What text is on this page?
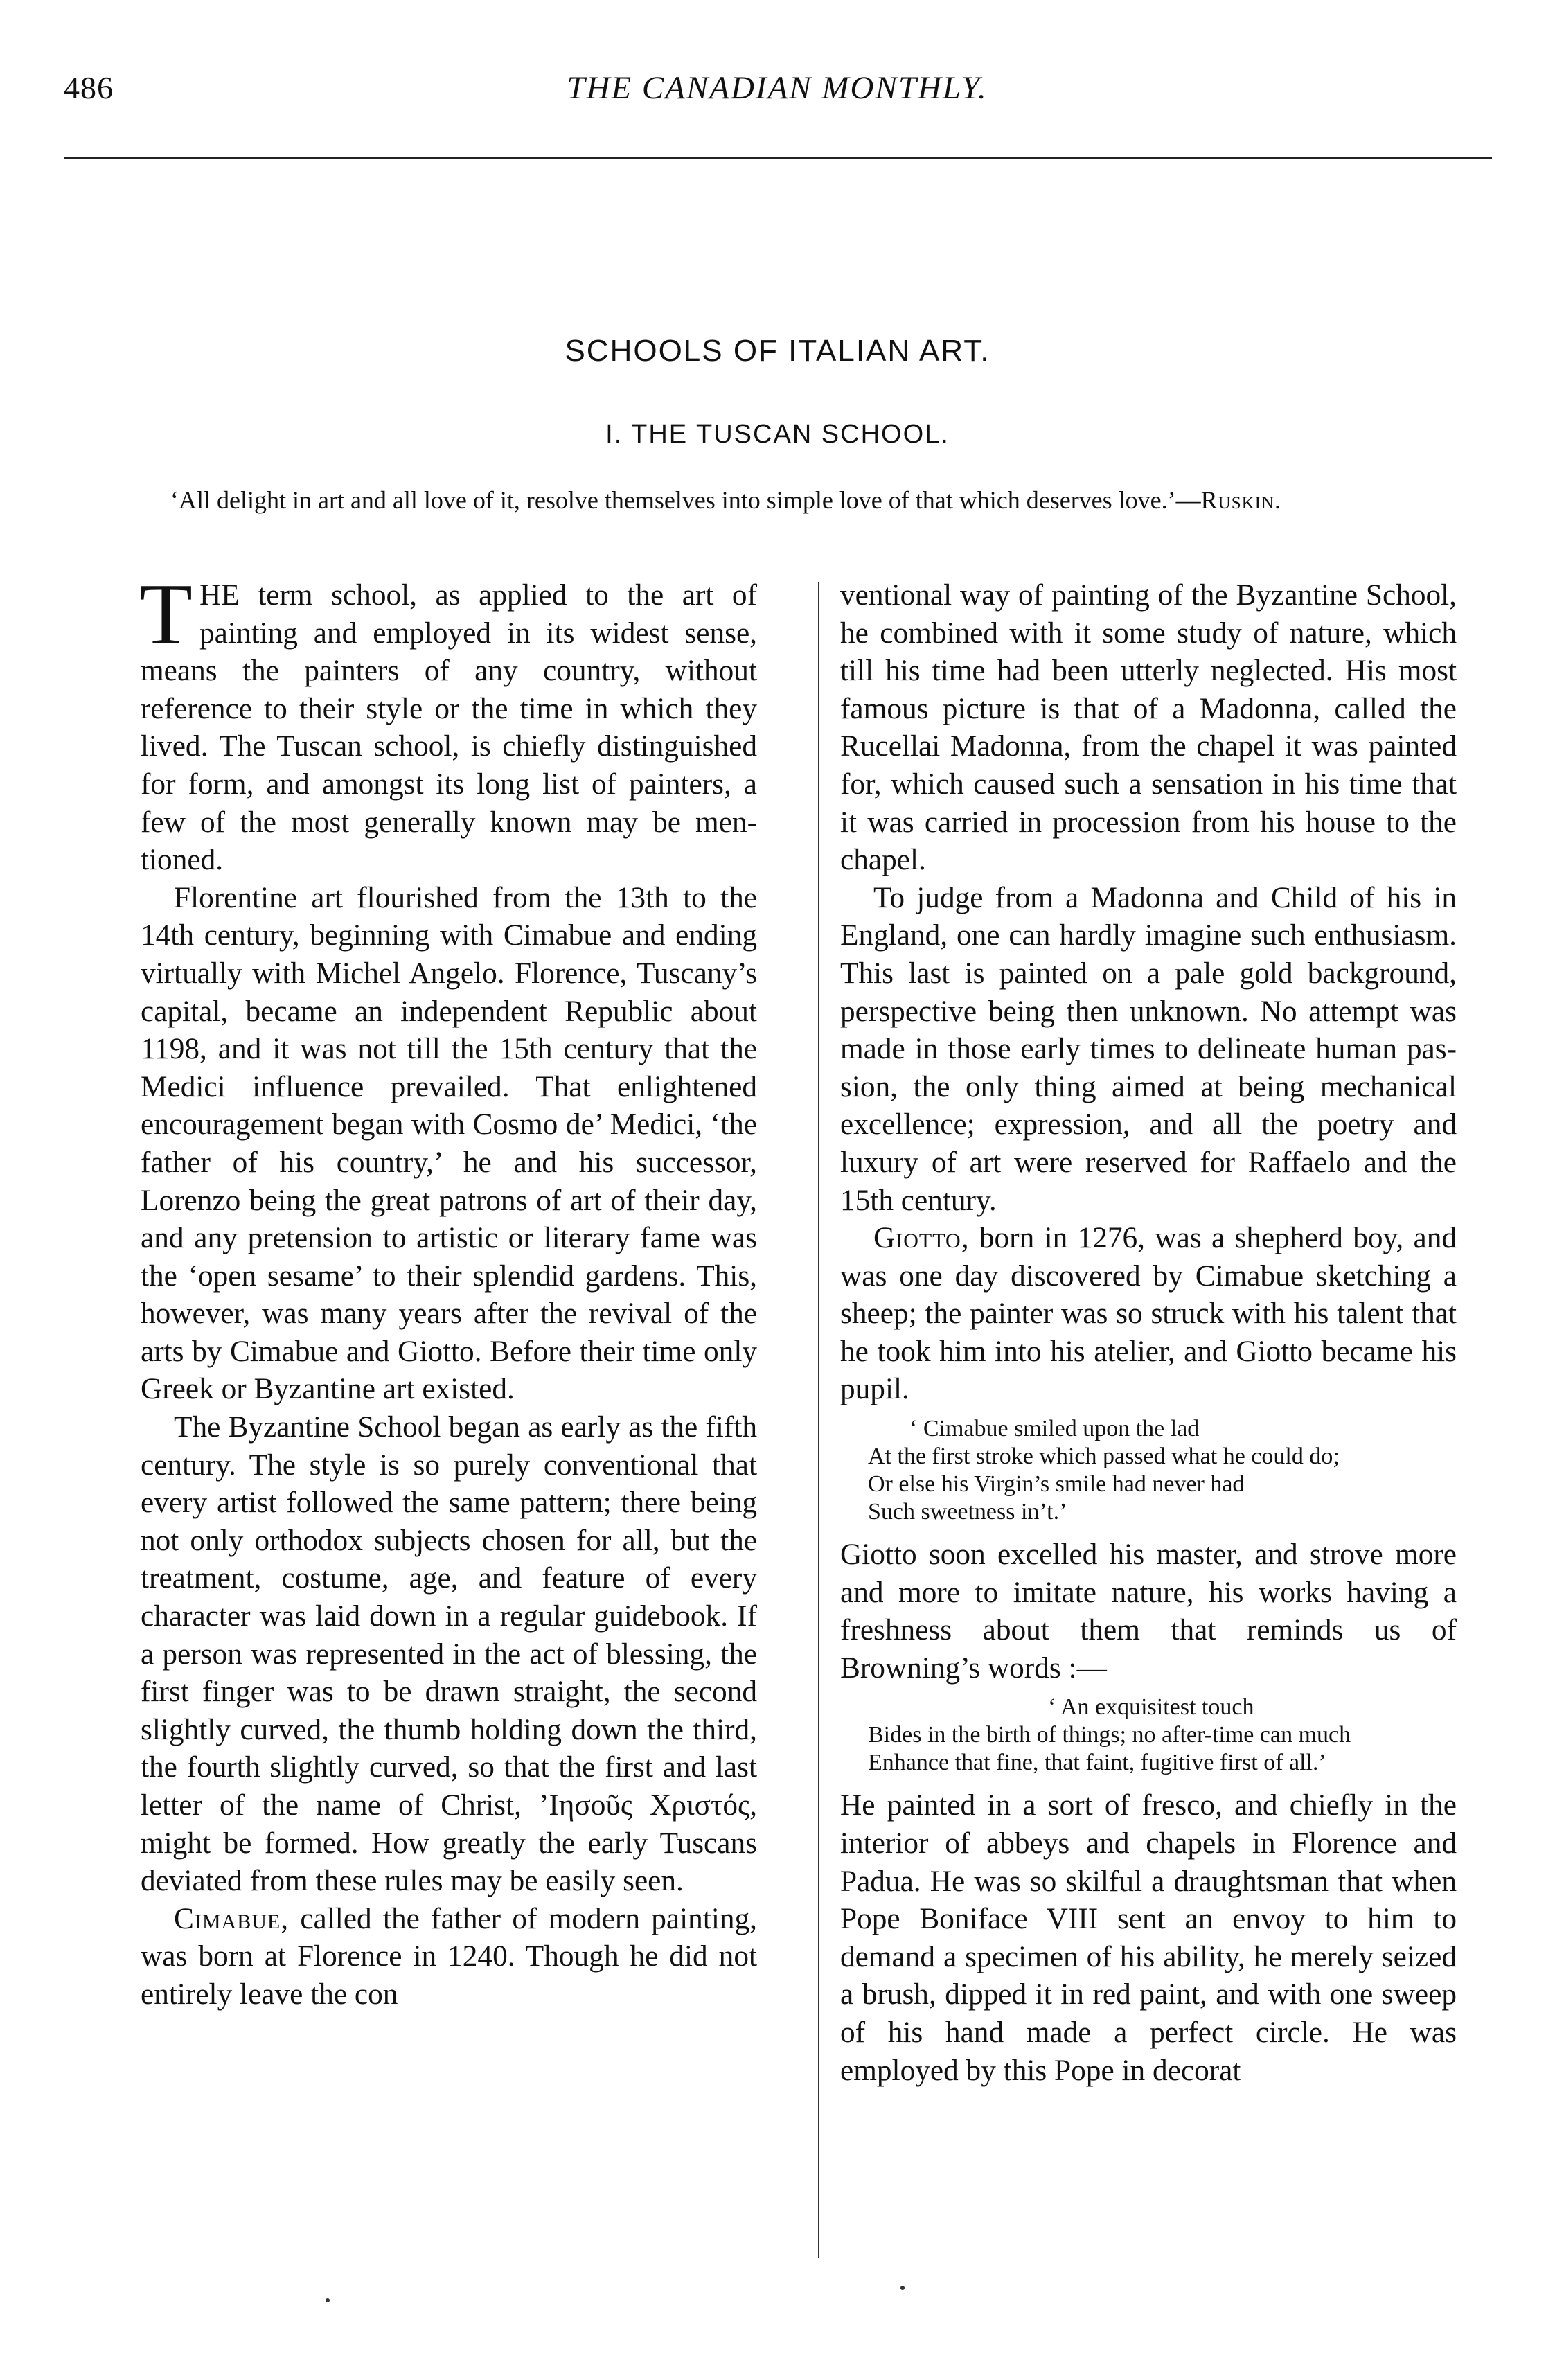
486	THE CANADIAN MONTHLY.
SCHOOLS OF ITALIAN ART.
I. THE TUSCAN SCHOOL.
‘All delight in art and all love of it, resolve themselves into simple love of that which deserves love.’—Ruskin.

THE term school, as applied to the art of painting and employed in its widest sense, means the painters of any country, without reference to their style or the time in which they lived. The Tuscan school, is chiefly distinguished for form, and amongst its long list of painters, a few of the most generally known may be mentioned.

Florentine art flourished from the 13th to the 14th century, beginning with Cimabue and ending virtually with Michel Angelo. Florence, Tuscany’s capital, became an independent Republic about 1198, and it was not till the 15th century that the Medici influence prevailed. That enlightened encouragement began with Cosmo de’ Medici, ‘the father of his country,’ he and his successor, Lorenzo being the great patrons of art of their day, and any pretension to artistic or literary fame was the ‘open sesame’ to their splendid gardens. This, however, was many years after the revival of the arts by Cimabue and Giotto. Before their time only Greek or Byzantine art existed.

The Byzantine School began as early as the fifth century. The style is so purely conventional that every artist followed the same pattern; there being not only orthodox subjects chosen for all, but the treatment, costume, age, and feature of every character was laid down in a regular guidebook. If a person was represented in the act of blessing, the first finger was to be drawn straight, the second slightly curved, the thumb holding down the third, the fourth slightly curved, so that the first and last letter of the name of Christ, ’Ιησοῦς Χριστός, might be formed. How greatly the early Tuscans deviated from these rules may be easily seen.

Cimabue, called the father of modern painting, was born at Florence in 1240. Though he did not entirely leave the con

ventional way of painting of the Byzantine School, he combined with it some study of nature, which till his time had been utterly neglected. His most famous picture is that of a Madonna, called the Rucellai Madonna, from the chapel it was painted for, which caused such a sensation in his time that it was carried in procession from his house to the chapel.

To judge from a Madonna and Child of his in England, one can hardly imagine such enthusiasm. This last is painted on a pale gold background, perspective being then unknown. No attempt was made in those early times to delineate human passion, the only thing aimed at being mechanical excellence; expression, and all the poetry and luxury of art were reserved for Raffaelo and the 15th century.

Giotto, born in 1276, was a shepherd boy, and was one day discovered by Cimabue sketching a sheep; the painter was so struck with his talent that he took him into his atelier, and Giotto became his pupil.

‘ Cimabue smiled upon the lad
At the first stroke which passed what he could do;
Or else his Virgin’s smile had never had
Such sweetness in’t.’

Giotto soon excelled his master, and strove more and more to imitate nature, his works having a freshness about them that reminds us of Browning’s words :—

‘ An exquisitest touch
Bides in the birth of things; no after-time can much
Enhance that fine, that faint, fugitive first of all.’

He painted in a sort of fresco, and chiefly in the interior of abbeys and chapels in Florence and Padua. He was so skilful a draughtsman that when Pope Boniface VIII sent an envoy to him to demand a specimen of his ability, he merely seized a brush, dipped it in red paint, and with one sweep of his hand made a perfect circle. He was employed by this Pope in decorat
